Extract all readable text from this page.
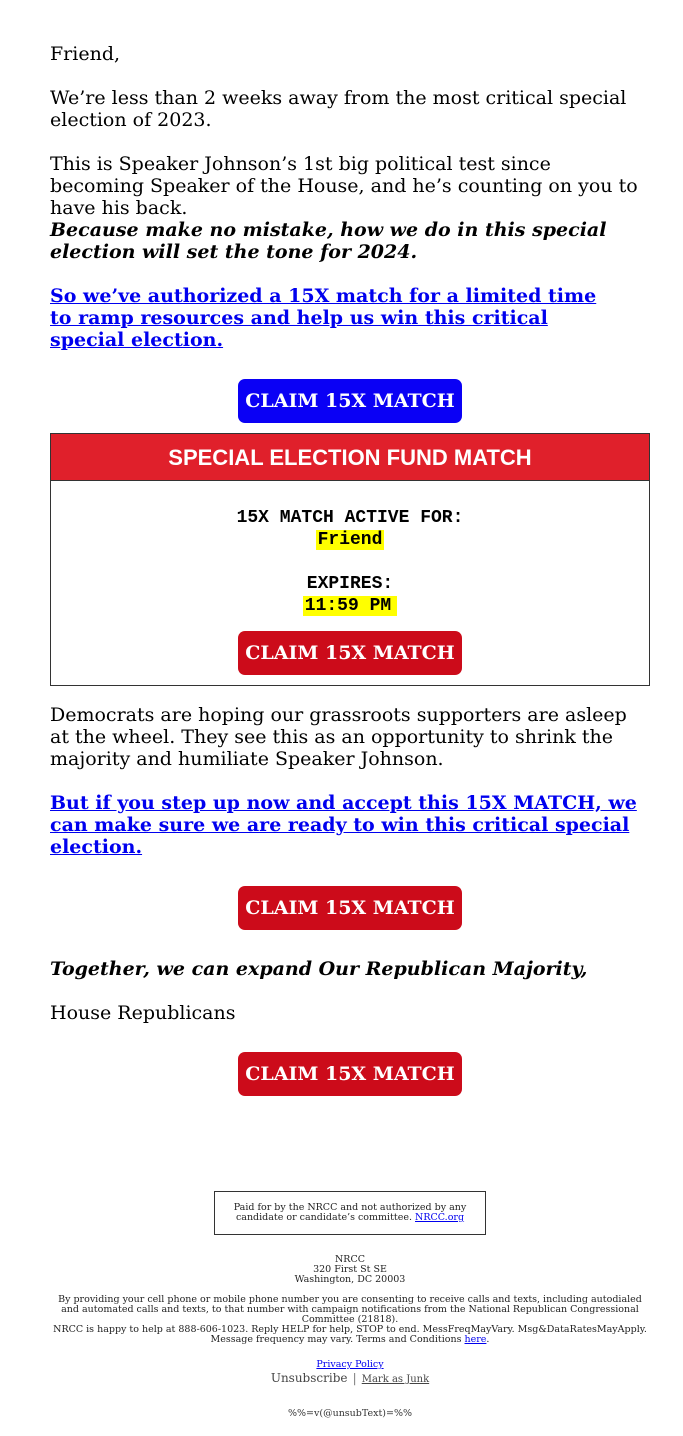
Friend,

We’re less than 2 weeks away from the most critical special election of 2023.

This is Speaker Johnson’s 1st big political test since becoming Speaker of the House, and he’s counting on you to have his back.

Because make no mistake, how we do in this special election will set the tone for 2024.

So we’ve authorized a 15X match for a limited time to ramp resources and help us win this critical special election.

CLAIM 15X MATCH
SPECIAL ELECTION FUND MATCH
15X MATCH ACTIVE FOR:
Friend
EXPIRES:
11:59 PM
CLAIM 15X MATCH

Democrats are hoping our grassroots supporters are asleep at the wheel. They see this as an opportunity to shrink the majority and humiliate Speaker Johnson.

But if you step up now and accept this 15X MATCH, we can make sure we are ready to win this critical special election.

CLAIM 15X MATCH

Together, we can expand Our Republican Majority,

House Republicans

CLAIM 15X MATCH
Paid for by the NRCC and not authorized by any candidate or candidate’s committee. NRCC.org
NRCC
320 First St SE
Washington, DC 20003
By providing your cell phone or mobile phone number you are consenting to receive calls and texts, including autodialed and automated calls and texts, to that number with campaign notifications from the National Republican Congressional Committee (21818).
NRCC is happy to help at 888-606-1023. Reply HELP for help, STOP to end. MessFreqMayVary. Msg&DataRatesMayApply. Message frequency may vary. Terms and Conditions here.
Privacy Policy
Unsubscribe | Mark as Junk
%%=v(@unsubText)=%%
